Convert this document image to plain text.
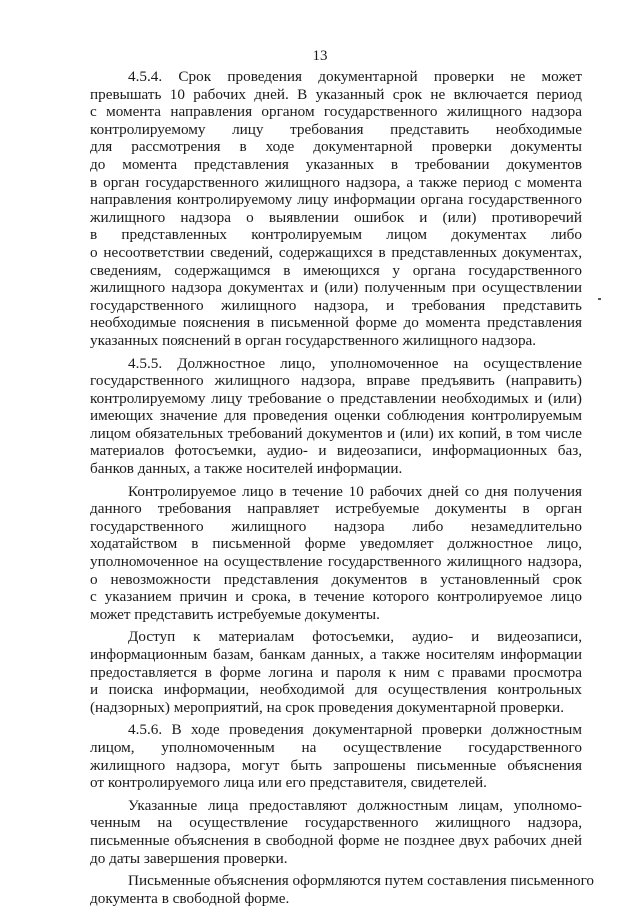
13
4.5.4. Срок проведения документарной проверки не может
превышать 10 рабочих дней. В указанный срок не включается период
с момента направления органом государственного жилищного надзора
контролируемому лицу требования представить необходимые
для рассмотрения в ходе документарной проверки документы
до момента представления указанных в требовании документов
в орган государственного жилищного надзора, а также период с момента
направления контролируемому лицу информации органа государственного
жилищного надзора о выявлении ошибок и (или) противоречий
в представленных контролируемым лицом документах либо
о несоответствии сведений, содержащихся в представленных документах,
сведениям, содержащимся в имеющихся у органа государственного
жилищного надзора документах и (или) полученным при осуществлении
государственного жилищного надзора, и требования представить
необходимые пояснения в письменной форме до момента представления
указанных пояснений в орган государственного жилищного надзора.
4.5.5. Должностное лицо, уполномоченное на осуществление
государственного жилищного надзора, вправе предъявить (направить)
контролируемому лицу требование о представлении необходимых и (или)
имеющих значение для проведения оценки соблюдения контролируемым
лицом обязательных требований документов и (или) их копий, в том числе
материалов фотосъемки, аудио- и видеозаписи, информационных баз,
банков данных, а также носителей информации.
Контролируемое лицо в течение 10 рабочих дней со дня получения
данного требования направляет истребуемые документы в орган
государственного жилищного надзора либо незамедлительно
ходатайством в письменной форме уведомляет должностное лицо,
уполномоченное на осуществление государственного жилищного надзора,
о невозможности представления документов в установленный срок
с указанием причин и срока, в течение которого контролируемое лицо
может представить истребуемые документы.
Доступ к материалам фотосъемки, аудио- и видеозаписи,
информационным базам, банкам данных, а также носителям информации
предоставляется в форме логина и пароля к ним с правами просмотра
и поиска информации, необходимой для осуществления контрольных
(надзорных) мероприятий, на срок проведения документарной проверки.
4.5.6. В ходе проведения документарной проверки должностным
лицом, уполномоченным на осуществление государственного
жилищного надзора, могут быть запрошены письменные объяснения
от контролируемого лица или его представителя, свидетелей.
Указанные лица предоставляют должностным лицам, уполномо-
ченным на осуществление государственного жилищного надзора,
письменные объяснения в свободной форме не позднее двух рабочих дней
до даты завершения проверки.
Письменные объяснения оформляются путем составления письменного
документа в свободной форме.
